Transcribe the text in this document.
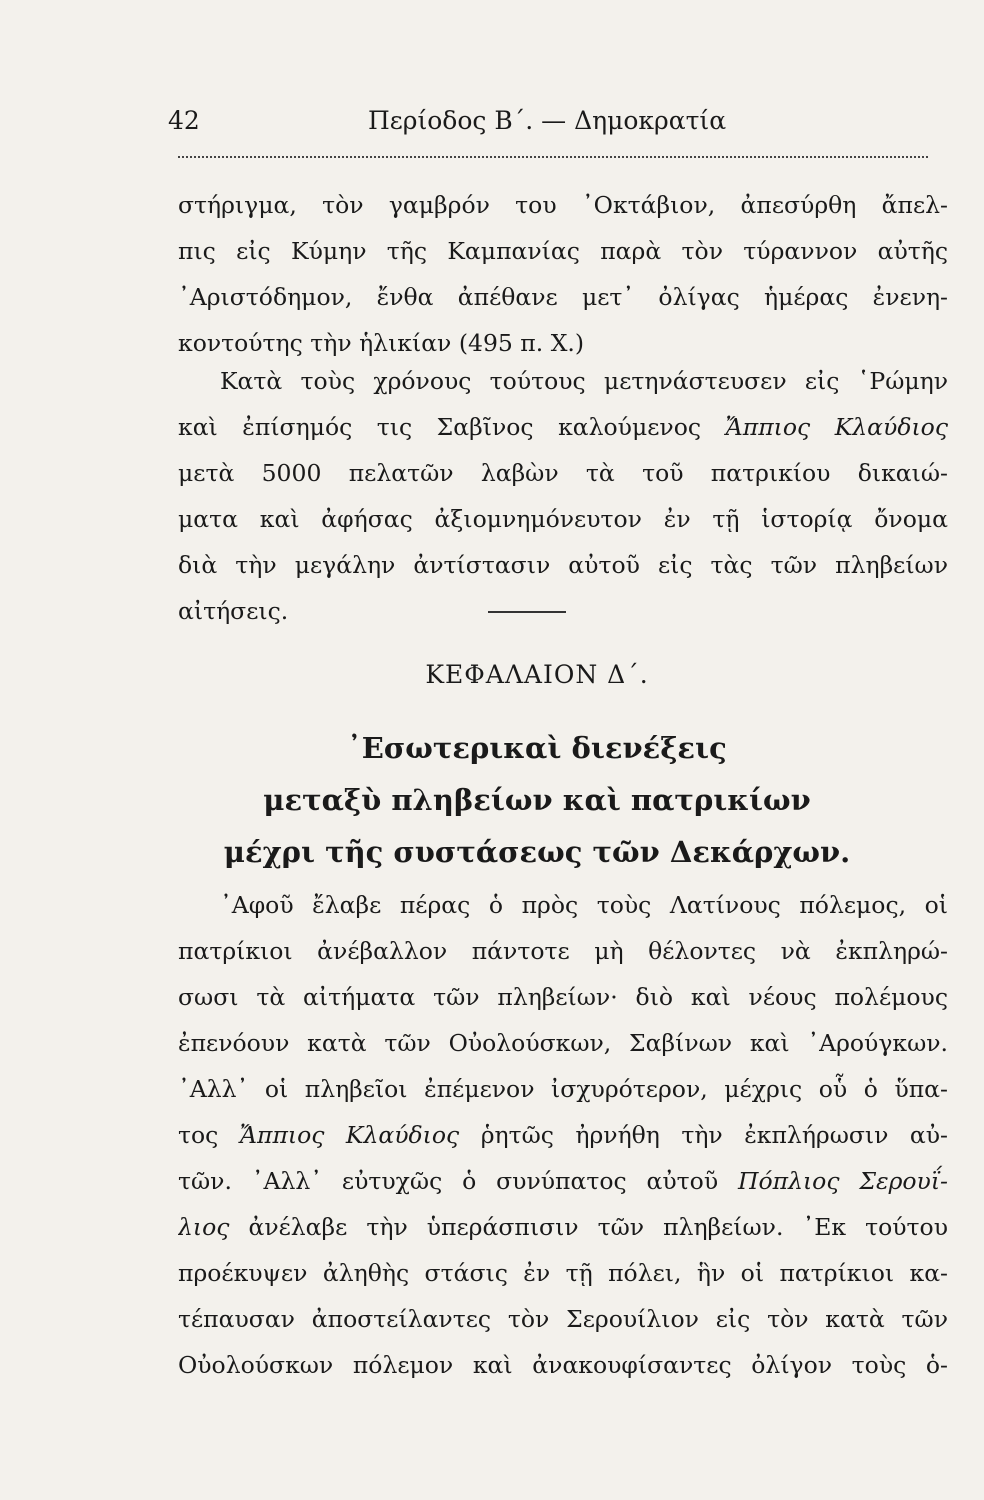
42	Περίοδος Β΄. — Δημοκρατία
στήριγμα, τὸν γαμβρόν του ᾿Οκτάβιον, ἀπεσύρθη ἄπελ-
πις εἰς Κύμην τῆς Καμπανίας παρὰ τὸν τύραννον αὐτῆς
᾿Αριστόδημον, ἔνθα ἀπέθανε μετ᾿ ὀλίγας ἡμέρας ἐνενη-
κοντούτης τὴν ἡλικίαν (495 π. Χ.)
Κατὰ τοὺς χρόνους τούτους μετηνάστευσεν εἰς ῾Ρώμην
καὶ ἐπίσημός τις Σαβῖνος καλούμενος Ἄππιος Κλαύδιος
μετὰ 5000 πελατῶν λαβὼν τὰ τοῦ πατρικίου δικαιώ-
ματα καὶ ἀφήσας ἀξιομνημόνευτον ἐν τῇ ἱστορίᾳ ὄνομα
διὰ τὴν μεγάλην ἀντίστασιν αὐτοῦ εἰς τὰς τῶν πληβείων
αἰτήσεις.
ΚΕΦΑΛΑΙΟΝ Δ΄.
᾿Εσωτερικαὶ διενέξεις
μεταξὺ πληβείων καὶ πατρικίων
μέχρι τῆς συστάσεως τῶν Δεκάρχων.
᾿Αφοῦ ἔλαβε πέρας ὁ πρὸς τοὺς Λατίνους πόλεμος, οἱ
πατρίκιοι ἀνέβαλλον πάντοτε μὴ θέλοντες νὰ ἐκπληρώ-
σωσι τὰ αἰτήματα τῶν πληβείων· διὸ καὶ νέους πολέμους
ἐπενόουν κατὰ τῶν Οὐολούσκων, Σαβίνων καὶ ᾿Αρούγκων.
᾿Αλλ᾿ οἱ πληβεῖοι ἐπέμενον ἰσχυρότερον, μέχρις οὗ ὁ ὕπα-
τος Ἄππιος Κλαύδιος ῥητῶς ἠρνήθη τὴν ἐκπλήρωσιν αὐ-
τῶν. ᾿Αλλ᾿ εὐτυχῶς ὁ συνύπατος αὐτοῦ Πόπλιος Σερουΐ-
λιος ἀνέλαβε τὴν ὑπεράσπισιν τῶν πληβείων. ᾿Εκ τούτου
προέκυψεν ἀληθὴς στάσις ἐν τῇ πόλει, ἣν οἱ πατρίκιοι κα-
τέπαυσαν ἀποστείλαντες τὸν Σερουίλιον εἰς τὸν κατὰ τῶν
Οὐολούσκων πόλεμον καὶ ἀνακουφίσαντες ὀλίγον τοὺς ὁ-
